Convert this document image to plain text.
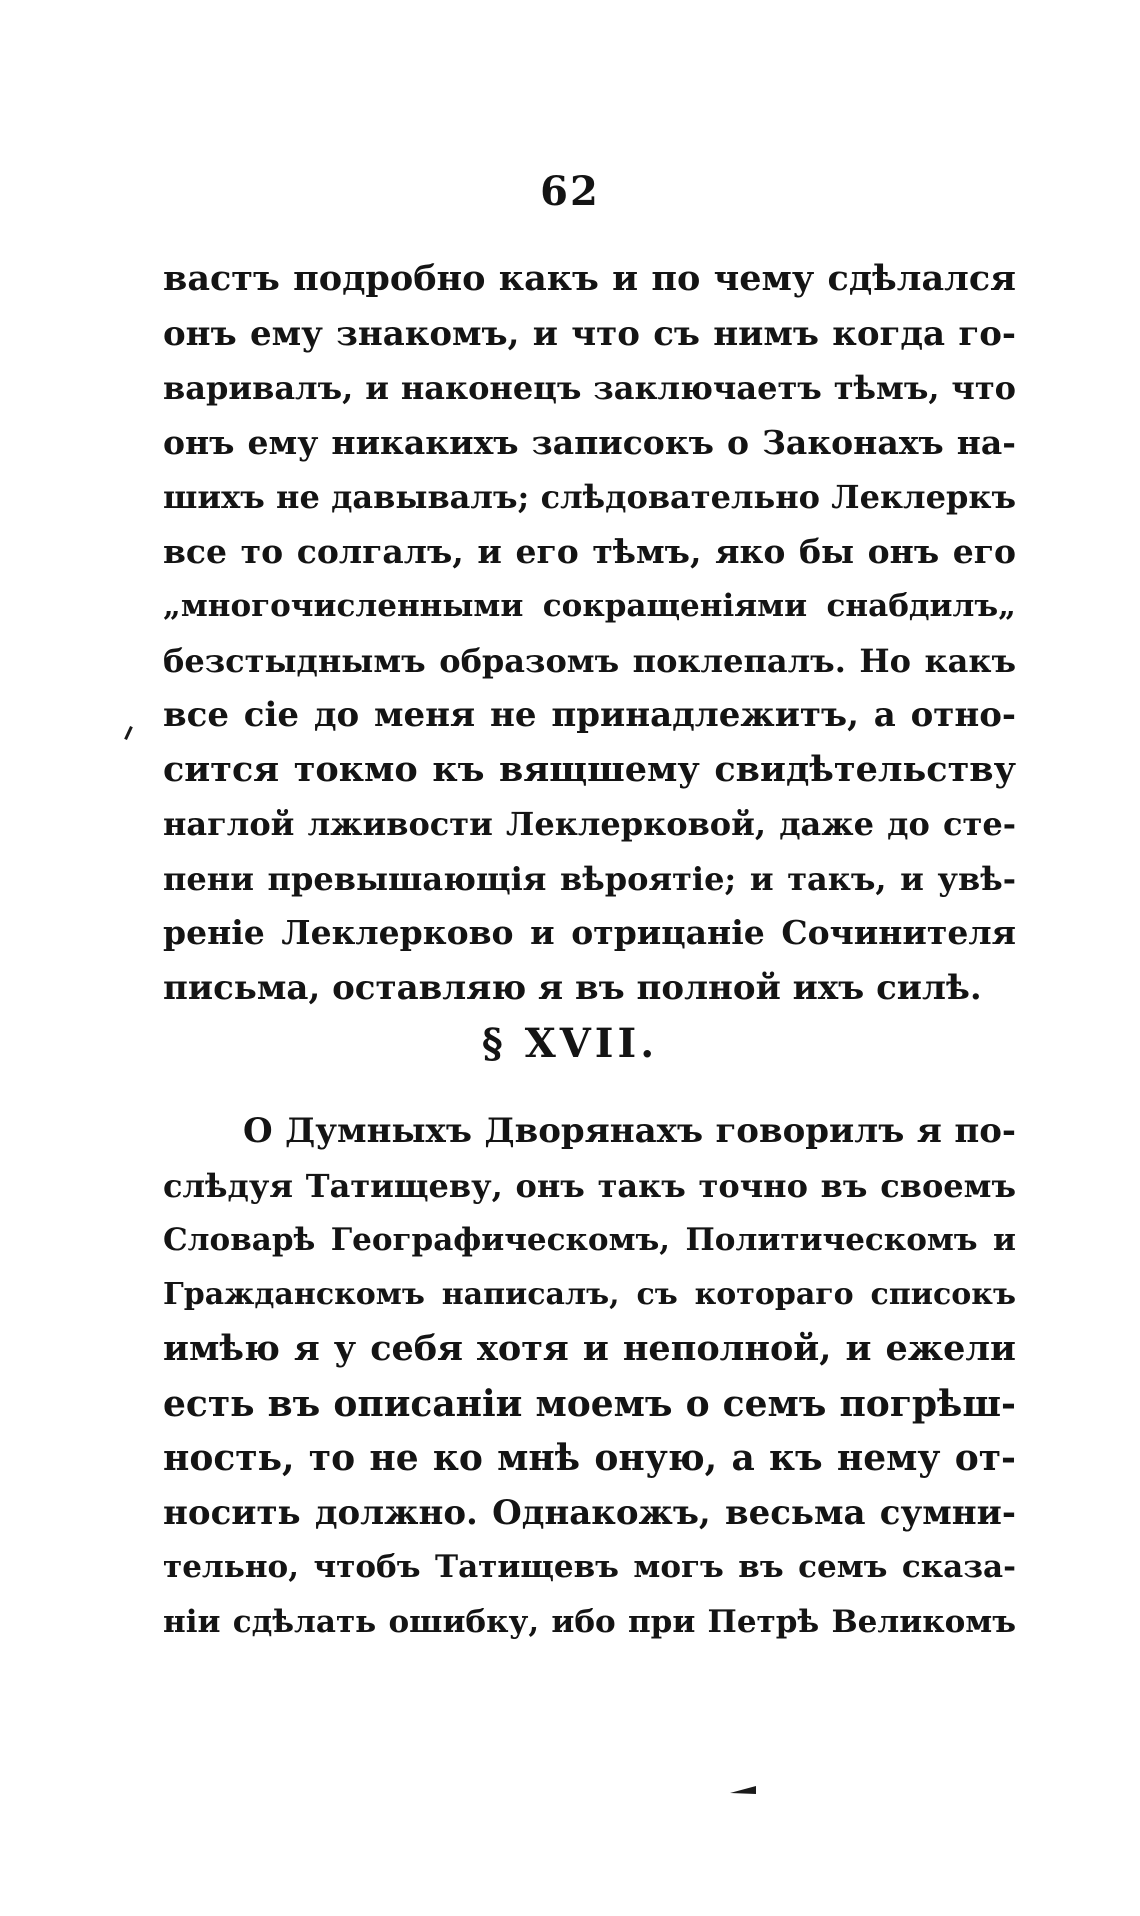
62
вастъ подробно какъ и по чему сдѣлался
онъ ему знакомъ, и что съ нимъ когда го-
варивалъ, и наконецъ заключаетъ тѣмъ, что
онъ ему никакихъ записокъ о Законахъ на-
шихъ не давывалъ; слѣдовательно Леклеркъ
все то солгалъ, и его тѣмъ, яко бы онъ его
„многочисленными сокращеніями снабдилъ„
безстыднымъ образомъ поклепалъ. Но какъ
все сіе до меня не принадлежитъ, а отно-
сится токмо къ вящшему свидѣтельству
наглой лживости Леклерковой, даже до сте-
пени превышающія вѣроятіе; и такъ, и увѣ-
реніе Леклерково и отрицаніе Сочинителя
письма, оставляю я въ полной ихъ силѣ.
§ XVII.
О Думныхъ Дворянахъ говорилъ я по-
слѣдуя Татищеву, онъ такъ точно въ своемъ
Словарѣ Географическомъ, Политическомъ и
Гражданскомъ написалъ, съ котораго списокъ
имѣю я у себя хотя и неполной, и ежели
есть въ описаніи моемъ о семъ погрѣш-
ность, то не ко мнѣ оную, а къ нему от-
носить должно. Однакожъ, весьма сумни-
тельно, чтобъ Татищевъ могъ въ семъ сказа-
ніи сдѣлать ошибку, ибо при Петрѣ Великомъ
